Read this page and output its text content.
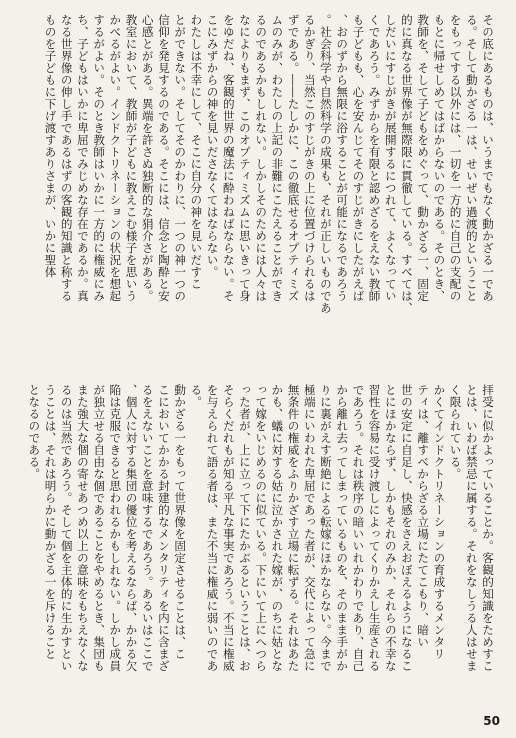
その底にあるものは、いうまでもなく動かざる一であ
る。そして動かざる一は、せいぜい過渡的ということ
をもってする以外には、一切を一方的に自己の支配の
もとに帰せしめてはばからないのである。そのとき、
教師を、そして子どもをめぐって、動かざる一、固定
的に真なる世界像が無際限に貫徹している。すべては、
しだいにすじがきが展開するにつれて、よくなってい
くであろう。みずからを有限と認めざるをえない教師
も子どもも、心を安んじてそのすじがきにしたがえば
、おのずから無限に浴することが可能になるであろう
。社会科学や自然科学の成果も、それが正しいものであ
るかぎり、当然このすじがきの上に位置づけられるは
ずである。――たしかに、この徹底せるオプティミズ
ムのみが、わたしの上記の非難にこたえることができ
るのであるかもしれない。しかしそのためには人々は
なによりもまず、このオプティミズムに思いきって身
をゆだね、客観的世界の魔法に酔わねばならない。そ
こにみずからの神を見いださなくてはならない。
わたしは不幸にして、そこに自分の神を見いだすこ
とができない。そしてそのかわりに、一つの神一つの
信仰を発見するのである。そこには、信念と陶酔と安
心感とがある。異端を許さぬ独断的な狷介さがある。
教室において、教師が子どもに教えこむ様子を思いう
かべるがよい。インドクトリネーションの状況を想起
するがよい。そのとき教師はいかに一方的に権威にみ
ち、子どもはいかに卑屈でみじめな存在であるか。真
なる世界像の伸し手であるはずの客観的知識と称する
ものを子どもに下げ渡すありさまが、いかに聖体
拝受に似かよっていることか。客観的知識をためすこ
とは、いわば禁忌に属する。それをなしうる人はせま
く限られている。
かくてインドクトリネーションの育成するメンタリ
ティは、離すべからざる立場にたてこもり、暗い
世の安定に自足し、快感をさえおぼえるようになるこ
とにほかならず、しかもそれのみか、それらの不幸な
習性を容易に受け渡しによってくりかえし生産される
であろう。それは秩序の暗いいれかわりであり、自己
から離れ去ってしまっているものを、そのまま手がか
りに裏がえす断絶による転嫁にほかならない。今まで
極端にいわれた卑屈であった者が、交代によって急に
無条件の権威をふりかざす立場に転ずる。それはあた
かも、蟻に対する姑に泣かされた嫁が、のちに姑とな
って嫁をいじめるのに似ている。下にいて上にへつら
った者が、上に立って下にたかぶるということは、お
そらくだれもが知る平凡な事実であろう。不当に権威
を与えられて語る者は、また不当に権威に弱いのであ
る。
動かざる一をもって世界像を固定させることは、こ
こにおいてかかる封建的なメンタリティを内に含まざ
るをえないことを意味するであろう。あるいはここで
、個人に対する集団の優位を考えるならば、かかる欠
陥は克服できると思われるかもしれない。しかし成員
が独立せる自由な個であることをやめるとき、集団も
また強大な個の寄せあつめ以上の意味をもちえなくな
るのは当然であろう。そして個を主体的に生かすとい
うことは、それは明らかに動かざる一を斥けること
となるのである。
50
